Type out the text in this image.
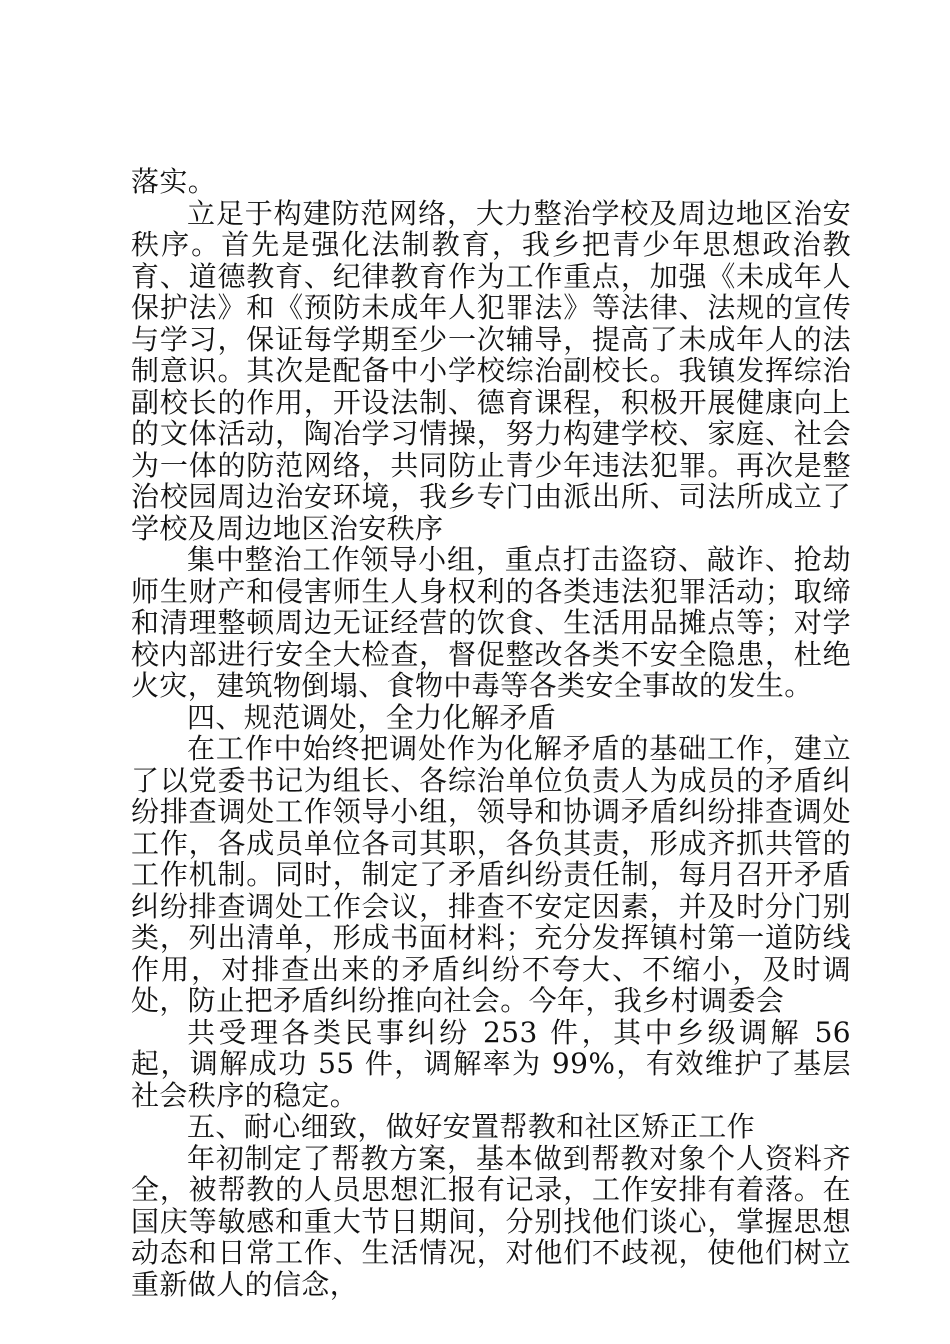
落实。

立足于构建防范网络，大力整治学校及周边地区治安秩序。首先是强化法制教育，我乡把青少年思想政治教育、道德教育、纪律教育作为工作重点，加强《未成年人保护法》和《预防未成年人犯罪法》等法律、法规的宣传与学习，保证每学期至少一次辅导，提高了未成年人的法制意识。其次是配备中小学校综治副校长。我镇发挥综治副校长的作用，开设法制、德育课程，积极开展健康向上的文体活动，陶冶学习情操，努力构建学校、家庭、社会为一体的防范网络，共同防止青少年违法犯罪。再次是整治校园周边治安环境，我乡专门由派出所、司法所成立了学校及周边地区治安秩序

集中整治工作领导小组，重点打击盗窃、敲诈、抢劫师生财产和侵害师生人身权利的各类违法犯罪活动；取缔和清理整顿周边无证经营的饮食、生活用品摊点等；对学校内部进行安全大检查，督促整改各类不安全隐患，杜绝火灾，建筑物倒塌、食物中毒等各类安全事故的发生。

四、规范调处，全力化解矛盾

在工作中始终把调处作为化解矛盾的基础工作，建立了以党委书记为组长、各综治单位负责人为成员的矛盾纠纷排查调处工作领导小组，领导和协调矛盾纠纷排查调处工作，各成员单位各司其职，各负其责，形成齐抓共管的工作机制。同时，制定了矛盾纠纷责任制，每月召开矛盾纠纷排查调处工作会议，排查不安定因素，并及时分门别类，列出清单，形成书面材料；充分发挥镇村第一道防线作用，对排查出来的矛盾纠纷不夸大、不缩小，及时调处，防止把矛盾纠纷推向社会。今年，我乡村调委会

共受理各类民事纠纷 253 件，其中乡级调解 56 起，调解成功 55 件，调解率为 99%，有效维护了基层社会秩序的稳定。

五、耐心细致，做好安置帮教和社区矫正工作

年初制定了帮教方案，基本做到帮教对象个人资料齐全，被帮教的人员思想汇报有记录，工作安排有着落。在国庆等敏感和重大节日期间，分别找他们谈心，掌握思想动态和日常工作、生活情况，对他们不歧视，使他们树立重新做人的信念，
